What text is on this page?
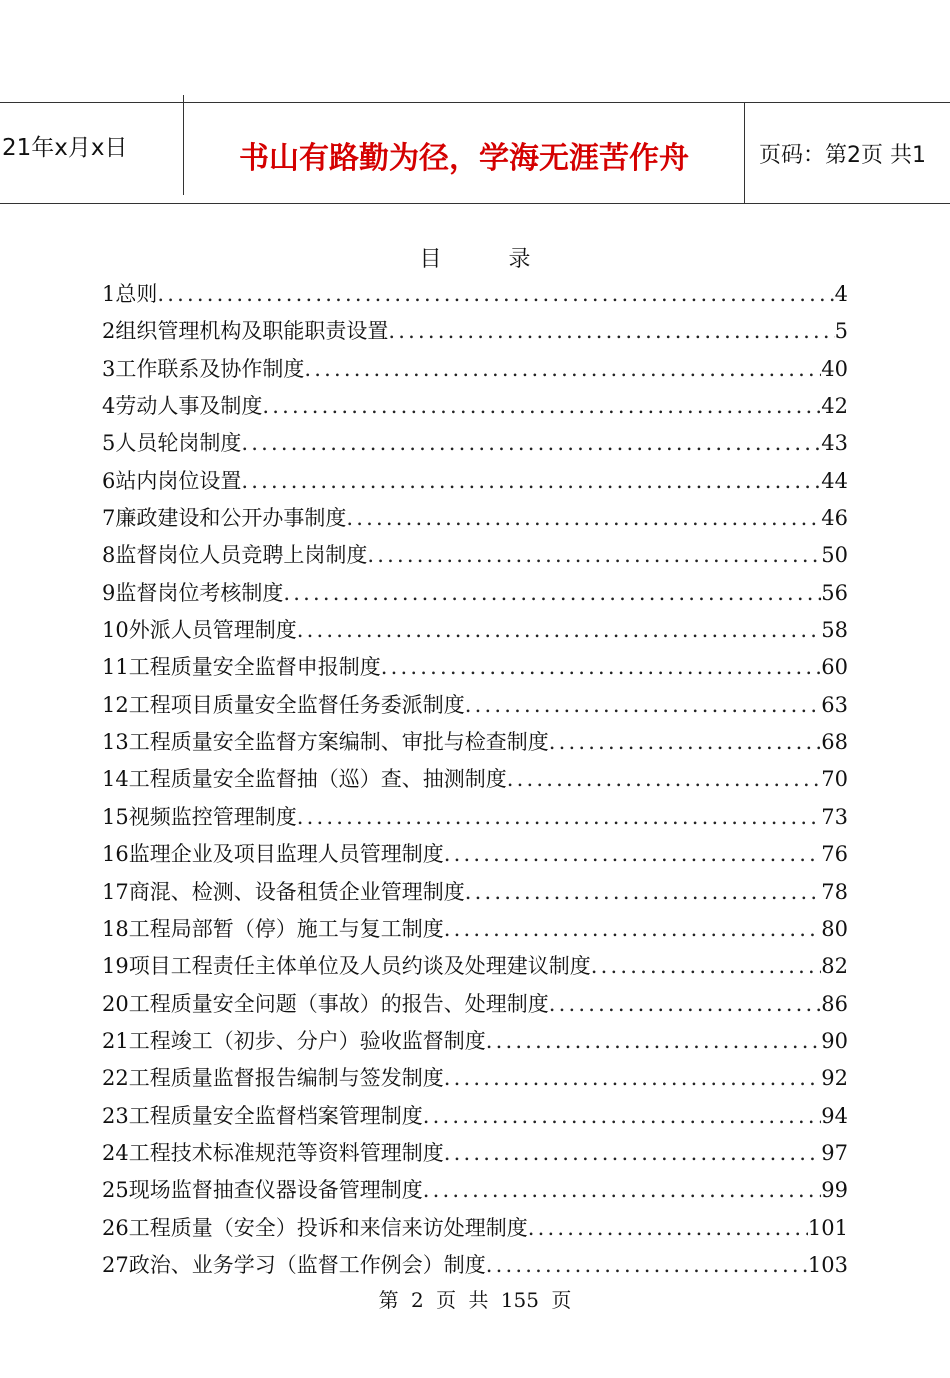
21年x月x日	书山有路勤为径，学海无涯苦作舟	页码：第2页 共1
目 录
1总则 .....	4
2组织管理机构及职能职责设置 .....	5
3工作联系及协作制度 .....	40
4劳动人事及制度 .....	42
5人员轮岗制度 .....	43
6站内岗位设置 .....	44
7廉政建设和公开办事制度 .....	46
8监督岗位人员竞聘上岗制度 .....	50
9监督岗位考核制度 .....	56
10外派人员管理制度 .....	58
11工程质量安全监督申报制度 .....	60
12工程项目质量安全监督任务委派制度 .....	63
13工程质量安全监督方案编制、审批与检查制度 .....	68
14工程质量安全监督抽（巡）查、抽测制度 .....	70
15视频监控管理制度 .....	73
16监理企业及项目监理人员管理制度 .....	76
17商混、检测、设备租赁企业管理制度 .....	78
18工程局部暂（停）施工与复工制度 .....	80
19项目工程责任主体单位及人员约谈及处理建议制度 .....	82
20工程质量安全问题（事故）的报告、处理制度 .....	86
21工程竣工（初步、分户）验收监督制度 .....	90
22工程质量监督报告编制与签发制度 .....	92
23工程质量安全监督档案管理制度 .....	94
24工程技术标准规范等资料管理制度 .....	97
25现场监督抽查仪器设备管理制度 .....	99
26工程质量（安全）投诉和来信来访处理制度 .....	101
27政治、业务学习（监督工作例会）制度 .....	103
第 2 页 共 155 页
